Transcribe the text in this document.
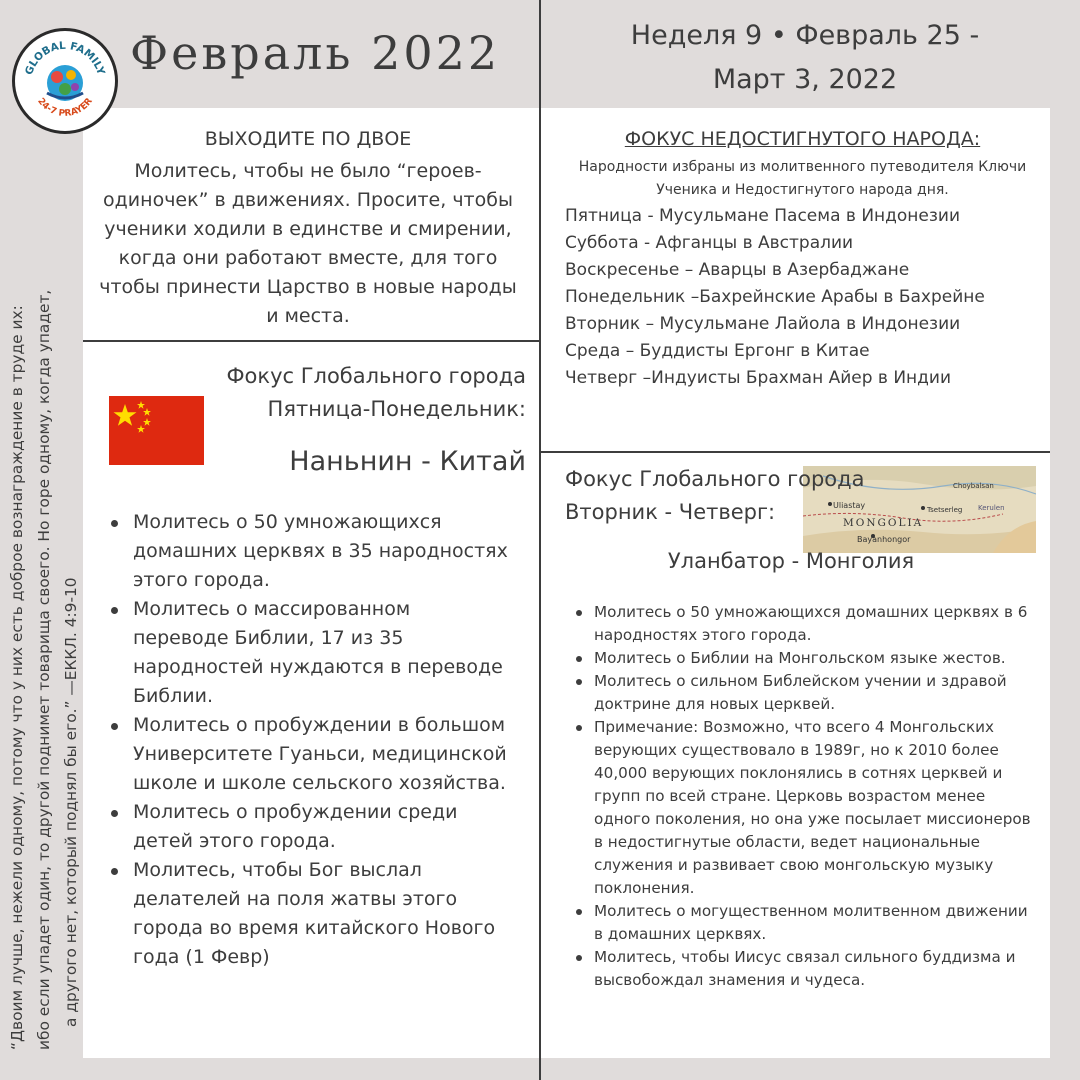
GLOBAL FAMILY
24-7 PRAYER
Февраль 2022	Неделя 9 • Февраль 25 -
Март 3, 2022
“Двоим лучше, нежели одному, потому что у них есть доброе вознаграждение в труде их: ибо если упадет один, то другой поднимет товарища своего. Но горе одному, когда упадет, а другого нет, который поднял бы его.” —ЕККЛ. 4:9-10
ВЫХОДИТЕ ПО ДВОЕ
Молитесь, чтобы не было “героев-одиночек” в движениях. Просите, чтобы ученики ходили в единстве и смирении, когда они работают вместе, для того чтобы принести Царство в новые народы и места.
ФОКУС НЕДОСТИГНУТОГО НАРОДА:
Народности избраны из молитвенного путеводителя Ключи Ученика и Недостигнутого народа дня.
Пятница - Мусульмане Пасема в Индонезии
Суббота - Афганцы в Австралии
Воскресенье – Аварцы в Азербаджане
Понедельник –Бахрейнские Арабы в Бахрейне
Вторник – Мусульмане Лайола в Индонезии
Среда – Буддисты Ергонг в Китае
Четверг –Индуисты Брахман Айер в Индии
Фокус Глобального города
Пятница-Понедельник:
Наньнин - Китай
Молитесь о 50 умножающихся домашних церквях в 35 народностях этого города.
Молитесь о массированном переводе Библии, 17 из 35 народностей нуждаются в переводе Библии.
Молитесь о пробуждении в большом Университете Гуаньси, медицинской школе и школе сельского хозяйства.
Молитесь о пробуждении среди детей этого города.
Молитесь, чтобы Бог выслал делателей на поля жатвы этого города во время китайского Нового года (1 Февр)
MONGOLIA
Uliastay
Bayanhongor
Tsetserleg
Choybalsan
Kerulen
Фокус Глобального города
Вторник - Четверг:
Уланбатор - Монголия
Молитесь о 50 умножающихся домашних церквях в 6 народностях этого города.
Молитесь о Библии на Монгольском языке жестов.
Молитесь о сильном Библейском учении и здравой доктрине для новых церквей.
Примечание: Возможно, что всего 4 Монгольских верующих существовало в 1989г, но к 2010 более 40,000 верующих поклонялись в сотнях церквей и групп по всей стране. Церковь возрастом менее одного поколения, но она уже посылает миссионеров в недостигнутые области, ведет национальные служения и развивает свою монгольскую музыку поклонения.
Молитесь о могущественном молитвенном движении в домашних церквях.
Молитесь, чтобы Иисус связал сильного буддизма и высвобождал знамения и чудеса.
